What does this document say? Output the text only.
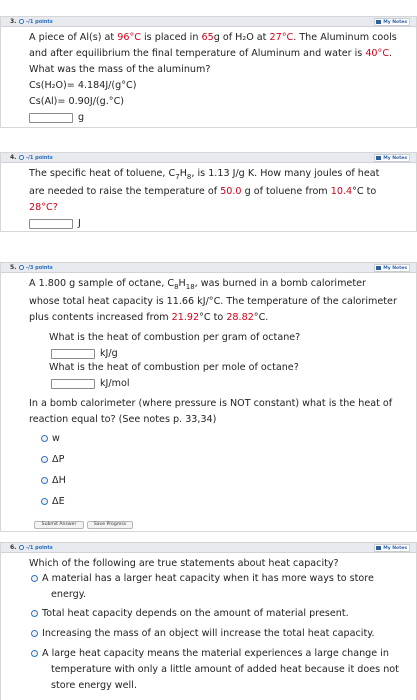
3. -/1 points	My Notes
A piece of Al(s) at 96°C is placed in 65g of H₂O at 27°C. The Aluminum cools
and after equilibrium the final temperature of Aluminum and water is 40°C.
What was the mass of the aluminum?
Cs(H₂O)= 4.184J/(g°C)
Cs(Al)= 0.90J/(g.°C)
g
4. -/1 points	My Notes
The specific heat of toluene, $C_7H_8$, is 1.13 J/g K. How many joules of heat
are needed to raise the temperature of 50.0 g of toluene from 10.4°C to
28°C?
J
5. -/3 points	My Notes
A 1.800 g sample of octane, $C_8H_{18}$, was burned in a bomb calorimeter
whose total heat capacity is 11.66 kJ/°C. The temperature of the calorimeter
plus contents increased from 21.92°C to 28.82°C.
What is the heat of combustion per gram of octane?
kJ/g
What is the heat of combustion per mole of octane?
kJ/mol
In a bomb calorimeter (where pressure is NOT constant) what is the heat of
reaction equal to? (See notes p. 33,34)
w
ΔP
ΔH
ΔE
Submit Answer	Save Progress
6. -/1 points	My Notes
Which of the following are true statements about heat capacity?
A material has a larger heat capacity when it has more ways to store
energy.
Total heat capacity depends on the amount of material present.
Increasing the mass of an object will increase the total heat capacity.
A large heat capacity means the material experiences a large change in
temperature with only a little amount of added heat because it does not
store energy well.
